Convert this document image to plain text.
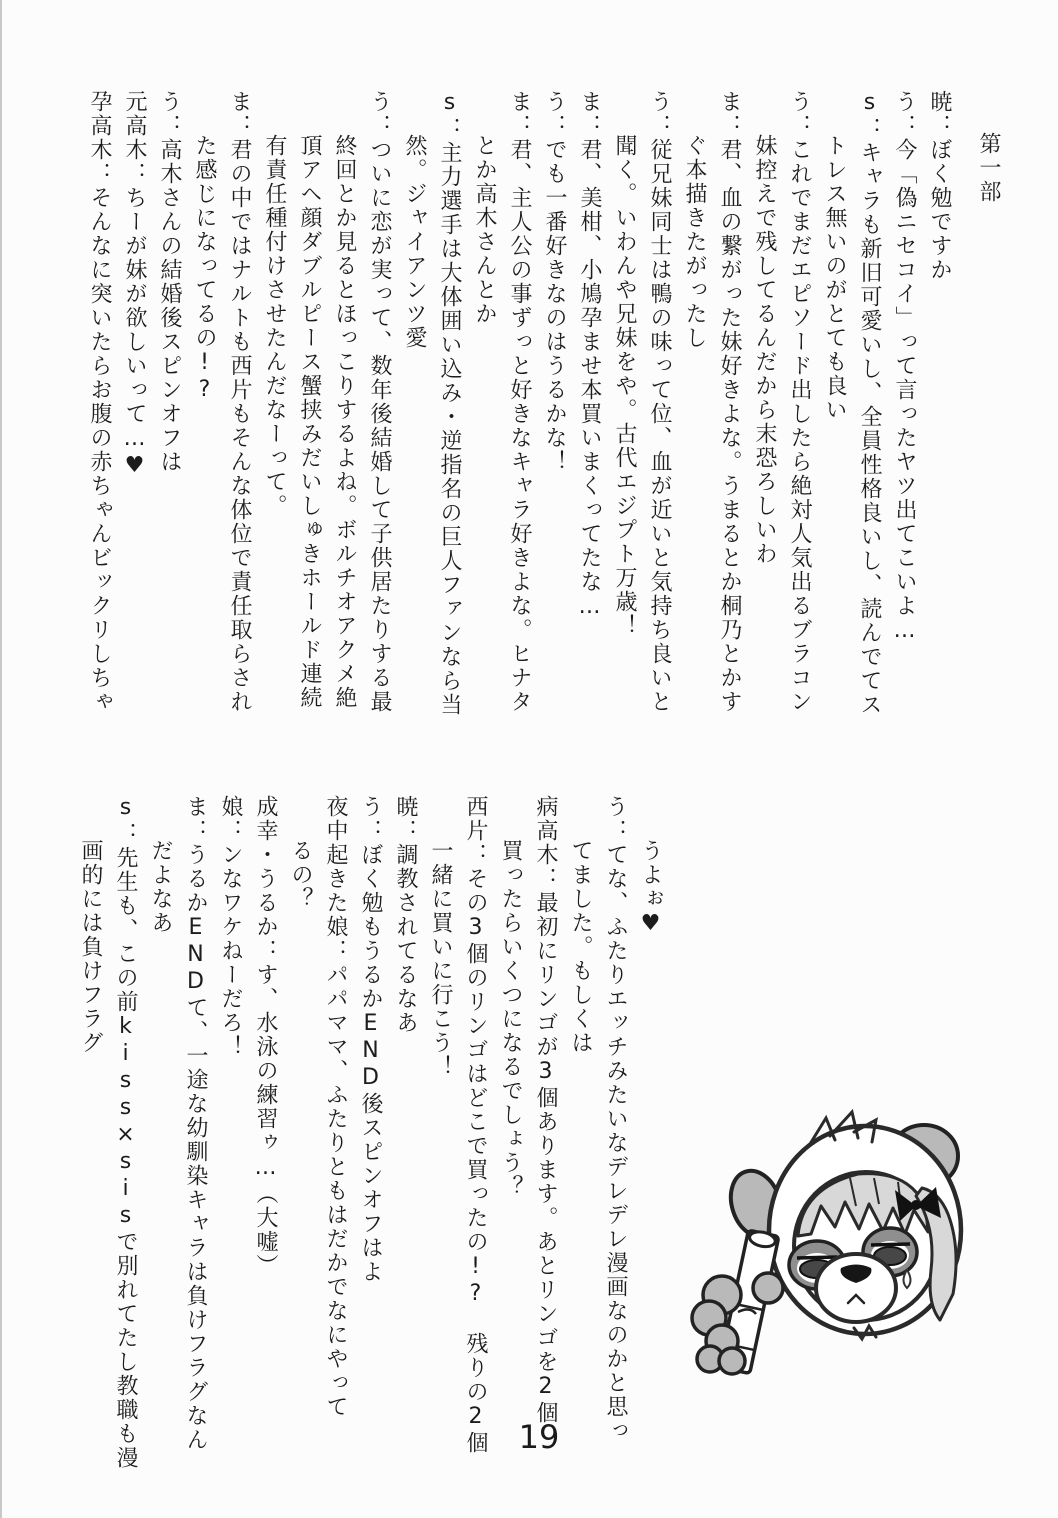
第一部
暁：ぼく勉ですか
う：今「偽ニセコイ」って言ったヤツ出てこいよ…
s：キャラも新旧可愛いし、全員性格良いし、読んでてス
トレス無いのがとても良い
う：これでまだエピソード出したら絶対人気出るブラコン
妹控えで残してるんだから末恐ろしいわ
ま：君、血の繋がった妹好きよな。うまるとか桐乃とかす
ぐ本描きたがったし
う：従兄妹同士は鴨の味って位、血が近いと気持ち良いと
聞く。いわんや兄妹をや。古代エジプト万歳！
ま：君、美柑、小鳩孕ませ本買いまくってたな…
う：でも一番好きなのはうるかな！
ま：君、主人公の事ずっと好きなキャラ好きよな。ヒナタ
とか高木さんとか
s：主力選手は大体囲い込み・逆指名の巨人ファンなら当
然。ジャイアンツ愛
う：ついに恋が実って、数年後結婚して子供居たりする最
終回とか見るとほっこりするよね。ボルチオアクメ絶
頂アヘ顔ダブルピース蟹挟みだいしゅきホールド連続
有責任種付けさせたんだなーって。
ま：君の中ではナルトも西片もそんな体位で責任取らされ
た感じになってるの!?
う：高木さんの結婚後スピンオフは
元高木：ちーが妹が欲しいって…♥
孕高木：そんなに突いたらお腹の赤ちゃんビックリしちゃ
うよぉ♥
う：てな、ふたりエッチみたいなデレデレ漫画なのかと思っ
てました。もしくは
病高木：最初にリンゴが3個あります。あとリンゴを2個
買ったらいくつになるでしょう？
西片：その3個のリンゴはどこで買ったの!?　残りの2個
一緒に買いに行こう！
暁：調教されてるなあ
う：ぼく勉もうるかEND後スピンオフはよ
夜中起きた娘：パパママ、ふたりともはだかでなにやって
るの？
成幸・うるか：す、水泳の練習ゥ…（大嘘）
娘：ンなワケねーだろ！
ま：うるかENDて、一途な幼馴染キャラは負けフラグなん
だよなあ
s：先生も、この前kiss×sisで別れてたし教職も漫
画的には負けフラグ
19
